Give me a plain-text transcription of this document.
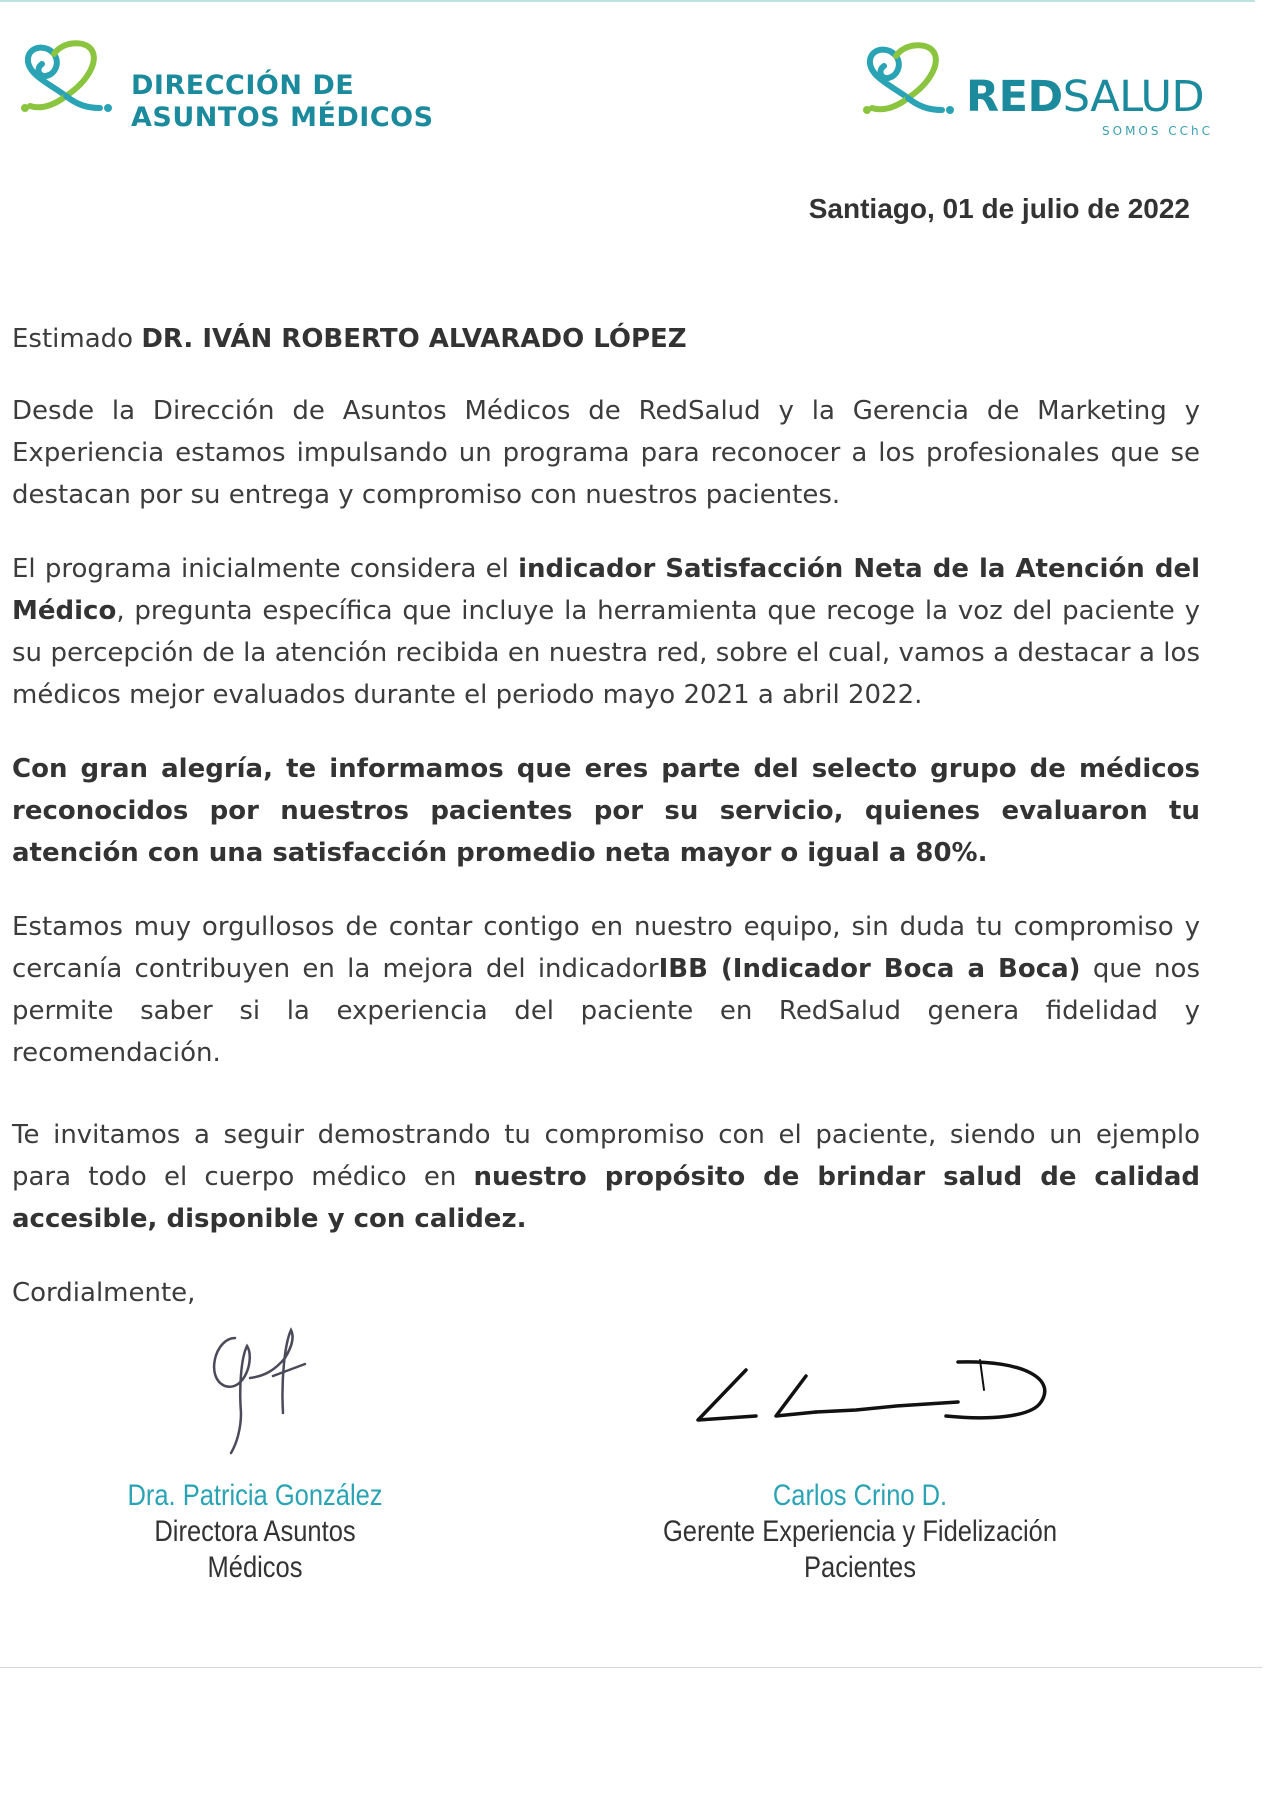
DIRECCIÓN DE
ASUNTOS MÉDICOS	REDSALUD
SOMOS CChC
Santiago, 01 de julio de 2022

Estimado DR. IVÁN ROBERTO ALVARADO LÓPEZ

Desde la Dirección de Asuntos Médicos de RedSalud y la Gerencia de Marketing y Experiencia estamos impulsando un programa para reconocer a los profesionales que se destacan por su entrega y compromiso con nuestros pacientes.

El programa inicialmente considera el indicador Satisfacción Neta de la Atención del Médico, pregunta específica que incluye la herramienta que recoge la voz del paciente y su percepción de la atención recibida en nuestra red, sobre el cual, vamos a destacar a los médicos mejor evaluados durante el periodo mayo 2021 a abril 2022.

Con gran alegría, te informamos que eres parte del selecto grupo de médicos reconocidos por nuestros pacientes por su servicio, quienes evaluaron tu atención con una satisfacción promedio neta mayor o igual a 80%.

Estamos muy orgullosos de contar contigo en nuestro equipo, sin duda tu compromiso y cercanía contribuyen en la mejora del indicadorIBB (Indicador Boca a Boca) que nos permite saber si la experiencia del paciente en RedSalud genera fidelidad y recomendación.

Te invitamos a seguir demostrando tu compromiso con el paciente, siendo un ejemplo para todo el cuerpo médico en nuestro propósito de brindar salud de calidad accesible, disponible y con calidez.

Cordialmente,

Dra. Patricia González
Directora Asuntos Médicos
Carlos Crino D.
Gerente Experiencia y Fidelización Pacientes
